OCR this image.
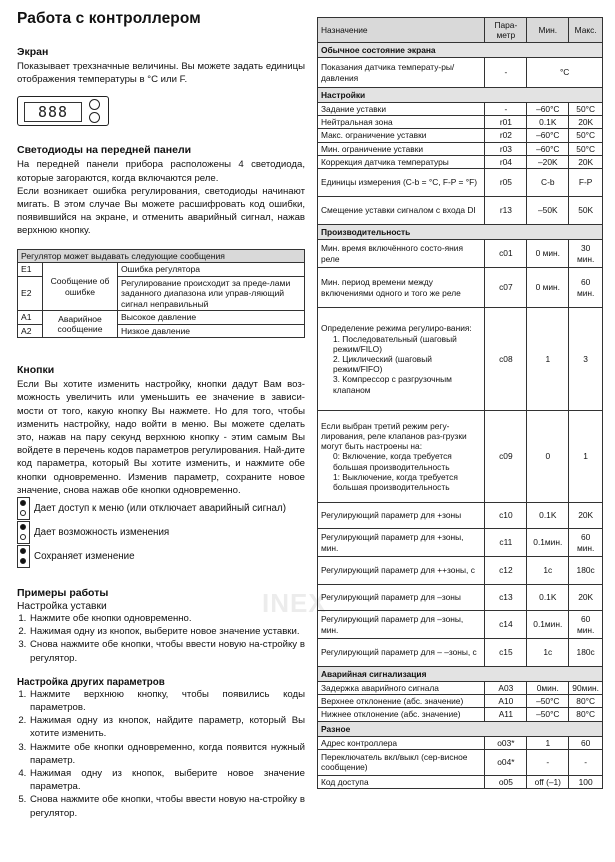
Работа с контроллером
Экран
Показывает трехзначные величины. Вы можете задать единицы отображения температуры в °C или F.
888
Светодиоды на передней панели

На передней панели прибора расположены 4 светодиода, которые загораются, когда включаются реле.

Если возникает ошибка регулирования, светодиоды начинают мигать. В этом случае Вы можете расшифровать код ошибки, появившийся на экране, и отменить аварийный сигнал, нажав верхнюю кнопку.

Регулятор может выдавать следующие сообщения		
E1	Сообщение об ошибке	Ошибка регулятора
E2		Регулирование происходит за преде-лами заданного диапазона или управ-ляющий сигнал неправильный
A1	Аварийное сообщение	Высокое давление
A2		Низкое давление
Кнопки
Если Вы хотите изменить настройку, кнопки дадут Вам воз-можность увеличить или уменьшить ее значение в зависи-мости от того, какую кнопку Вы нажмете. Но для того, чтобы изменить настройку, надо войти в меню. Вы можете сделать это, нажав на пару секунд верхнюю кнопку - этим самым Вы войдете в перечень кодов параметров регулирования. Най-дите код параметра, который Вы хотите изменить, и нажмите обе кнопки одновременно. Изменив параметр, сохраните новое значение, снова нажав обе кнопки одновременно.
Дает доступ к меню (или отключает аварийный сигнал)
Дает возможность изменения
Сохраняет изменение
Примеры работы
Настройка уставки
1. Нажмите обе кнопки одновременно.
2. Нажимая одну из кнопок, выберите новое значение уставки.
3. Снова нажмите обе кнопки, чтобы ввести новую на-стройку в регулятор.
Настройка других параметров
1. Нажмите верхнюю кнопку, чтобы появились коды параметров.
2. Нажимая одну из кнопок, найдите параметр, который Вы хотите изменить.
3. Нажмите обе кнопки одновременно, когда появится нужный параметр.
4. Нажимая одну из кнопок, выберите новое значение параметра.
5. Снова нажмите обе кнопки, чтобы ввести новую на-стройку в регулятор.
INEX
Назначение	Пара-метр	Мин.	Макс.
Обычное состояние экрана			
Показания датчика температу-ры/давления	-	°C	
Настройки			
Задание уставки	-	–60°C	50°C
Нейтральная зона	r01	0.1K	20K
Макс. ограничение уставки	r02	–60°C	50°C
Мин. ограничение уставки	r03	–60°C	50°C
Коррекция датчика температуры	r04	–20K	20K
Единицы измерения (C-b = °C, F-P = °F)	r05	C-b	F-P
Смещение уставки сигналом с входа DI	r13	–50K	50K
Производительность			
Мин. время включённого состо-яния реле	c01	0 мин.	30 мин.
Мин. период времени между включениями одного и того же реле	c07	0 мин.	60 мин.
Определение режима регулиро-вания:

1. Последовательный (шаговый режим/FILO)
2. Циклический (шаговый режим/FIFO)
3. Компрессор с разгрузочным клапаном	c08	1	3
Если выбран третий режим регу-лирования, реле клапанов раз-грузки могут быть настроены на:

0: Включение, когда требуется большая производительность
1: Выключение, когда требуется большая производительность	c09	0	1
Регулирующий параметр для +зоны	c10	0.1K	20K
Регулирующий параметр для +зоны, мин.	c11	0.1мин.	60 мин.
Регулирующий параметр для ++зоны, с	c12	1с	180с
Регулирующий параметр для –зоны	c13	0.1K	20K
Регулирующий параметр для –зоны, мин.	c14	0.1мин.	60 мин.
Регулирующий параметр для – –зоны, с	c15	1с	180с
Аварийная сигнализация			
Задержка аварийного сигнала	A03	0мин.	90мин.
Верхнее отклонение (абс. значение)	A10	–50°C	80°C
Нижнее отклонение (абс. значение)	A11	–50°C	80°C
Разное			
Адрес контроллера	o03*	1	60
Переключатель вкл/выкл (сер-висное сообщение)	o04*	-	-
Код доступа	o05	off (–1)	100
